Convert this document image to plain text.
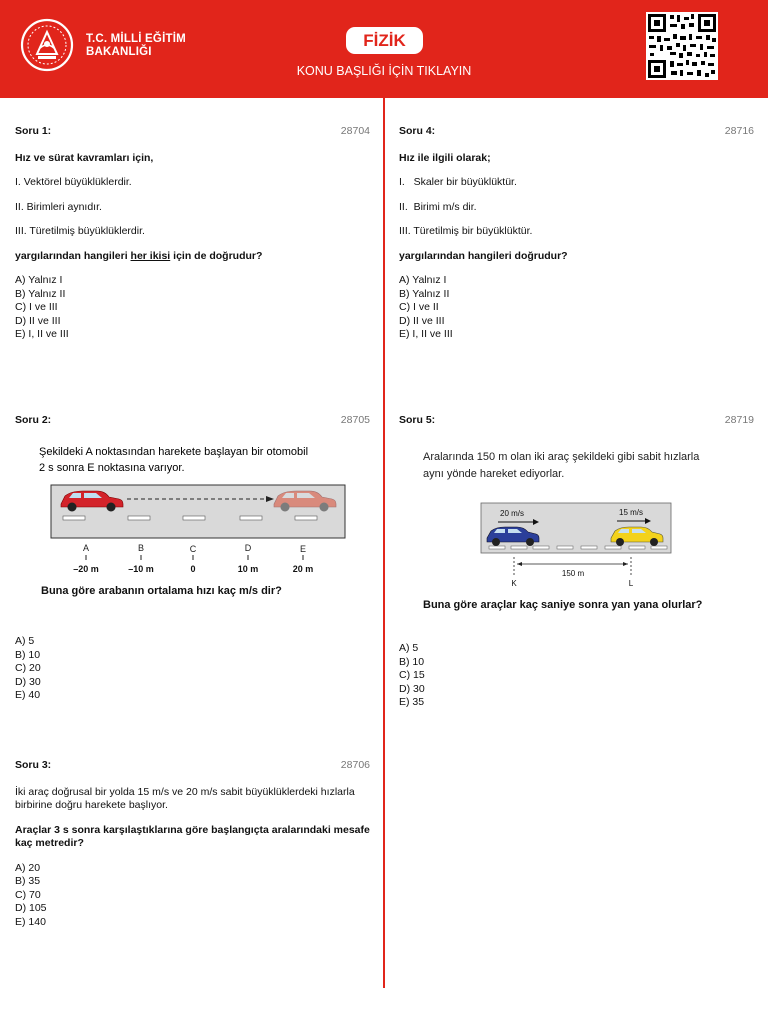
T.C. MİLLİ EĞİTİM
BAKANLIĞI
FİZİK
KONU BAŞLIĞI İÇİN TIKLAYIN
Soru 1:	28704

Hız ve sürat kavramları için,

I. Vektörel büyüklüklerdir.

II. Birimleri aynıdır.

III. Türetilmiş büyüklüklerdir.

yargılarından hangileri her ikisi için de doğrudur?

A) Yalnız I
B) Yalnız II
C) I ve III
D) II ve III
E) I, II ve III
Soru 2:	28705
Şekildeki A noktasından harekete başlayan bir otomobil
2 s sonra E noktasına varıyor.
A	B	C	D	E
–20 m	–10 m	0	10 m	20 m

Buna göre arabanın ortalama hızı kaç m/s dir?

A) 5
B) 10
C) 20
D) 30
E) 40
Soru 3:	28706

İki araç doğrusal bir yolda 15 m/s ve 20 m/s sabit büyüklüklerdeki hızlarla birbirine doğru harekete başlıyor.

Araçlar 3 s sonra karşılaştıklarına göre başlangıçta aralarındaki mesafe kaç metredir?

A) 20
B) 35
C) 70
D) 105
E) 140
Soru 4:	28716

Hız ile ilgili olarak;

I.   Skaler bir büyüklüktür.

II.  Birimi m/s dir.

III. Türetilmiş bir büyüklüktür.

yargılarından hangileri doğrudur?

A) Yalnız I
B) Yalnız II
C) I ve II
D) II ve III
E) I, II ve III
Soru 5:	28719
Aralarında 150 m olan iki araç şekildeki gibi sabit hızlarla
aynı yönde hareket ediyorlar.
20 m/s	15 m/s
150 m
K	L

Buna göre araçlar kaç saniye sonra yan yana olurlar?

A) 5
B) 10
C) 15
D) 30
E) 35
